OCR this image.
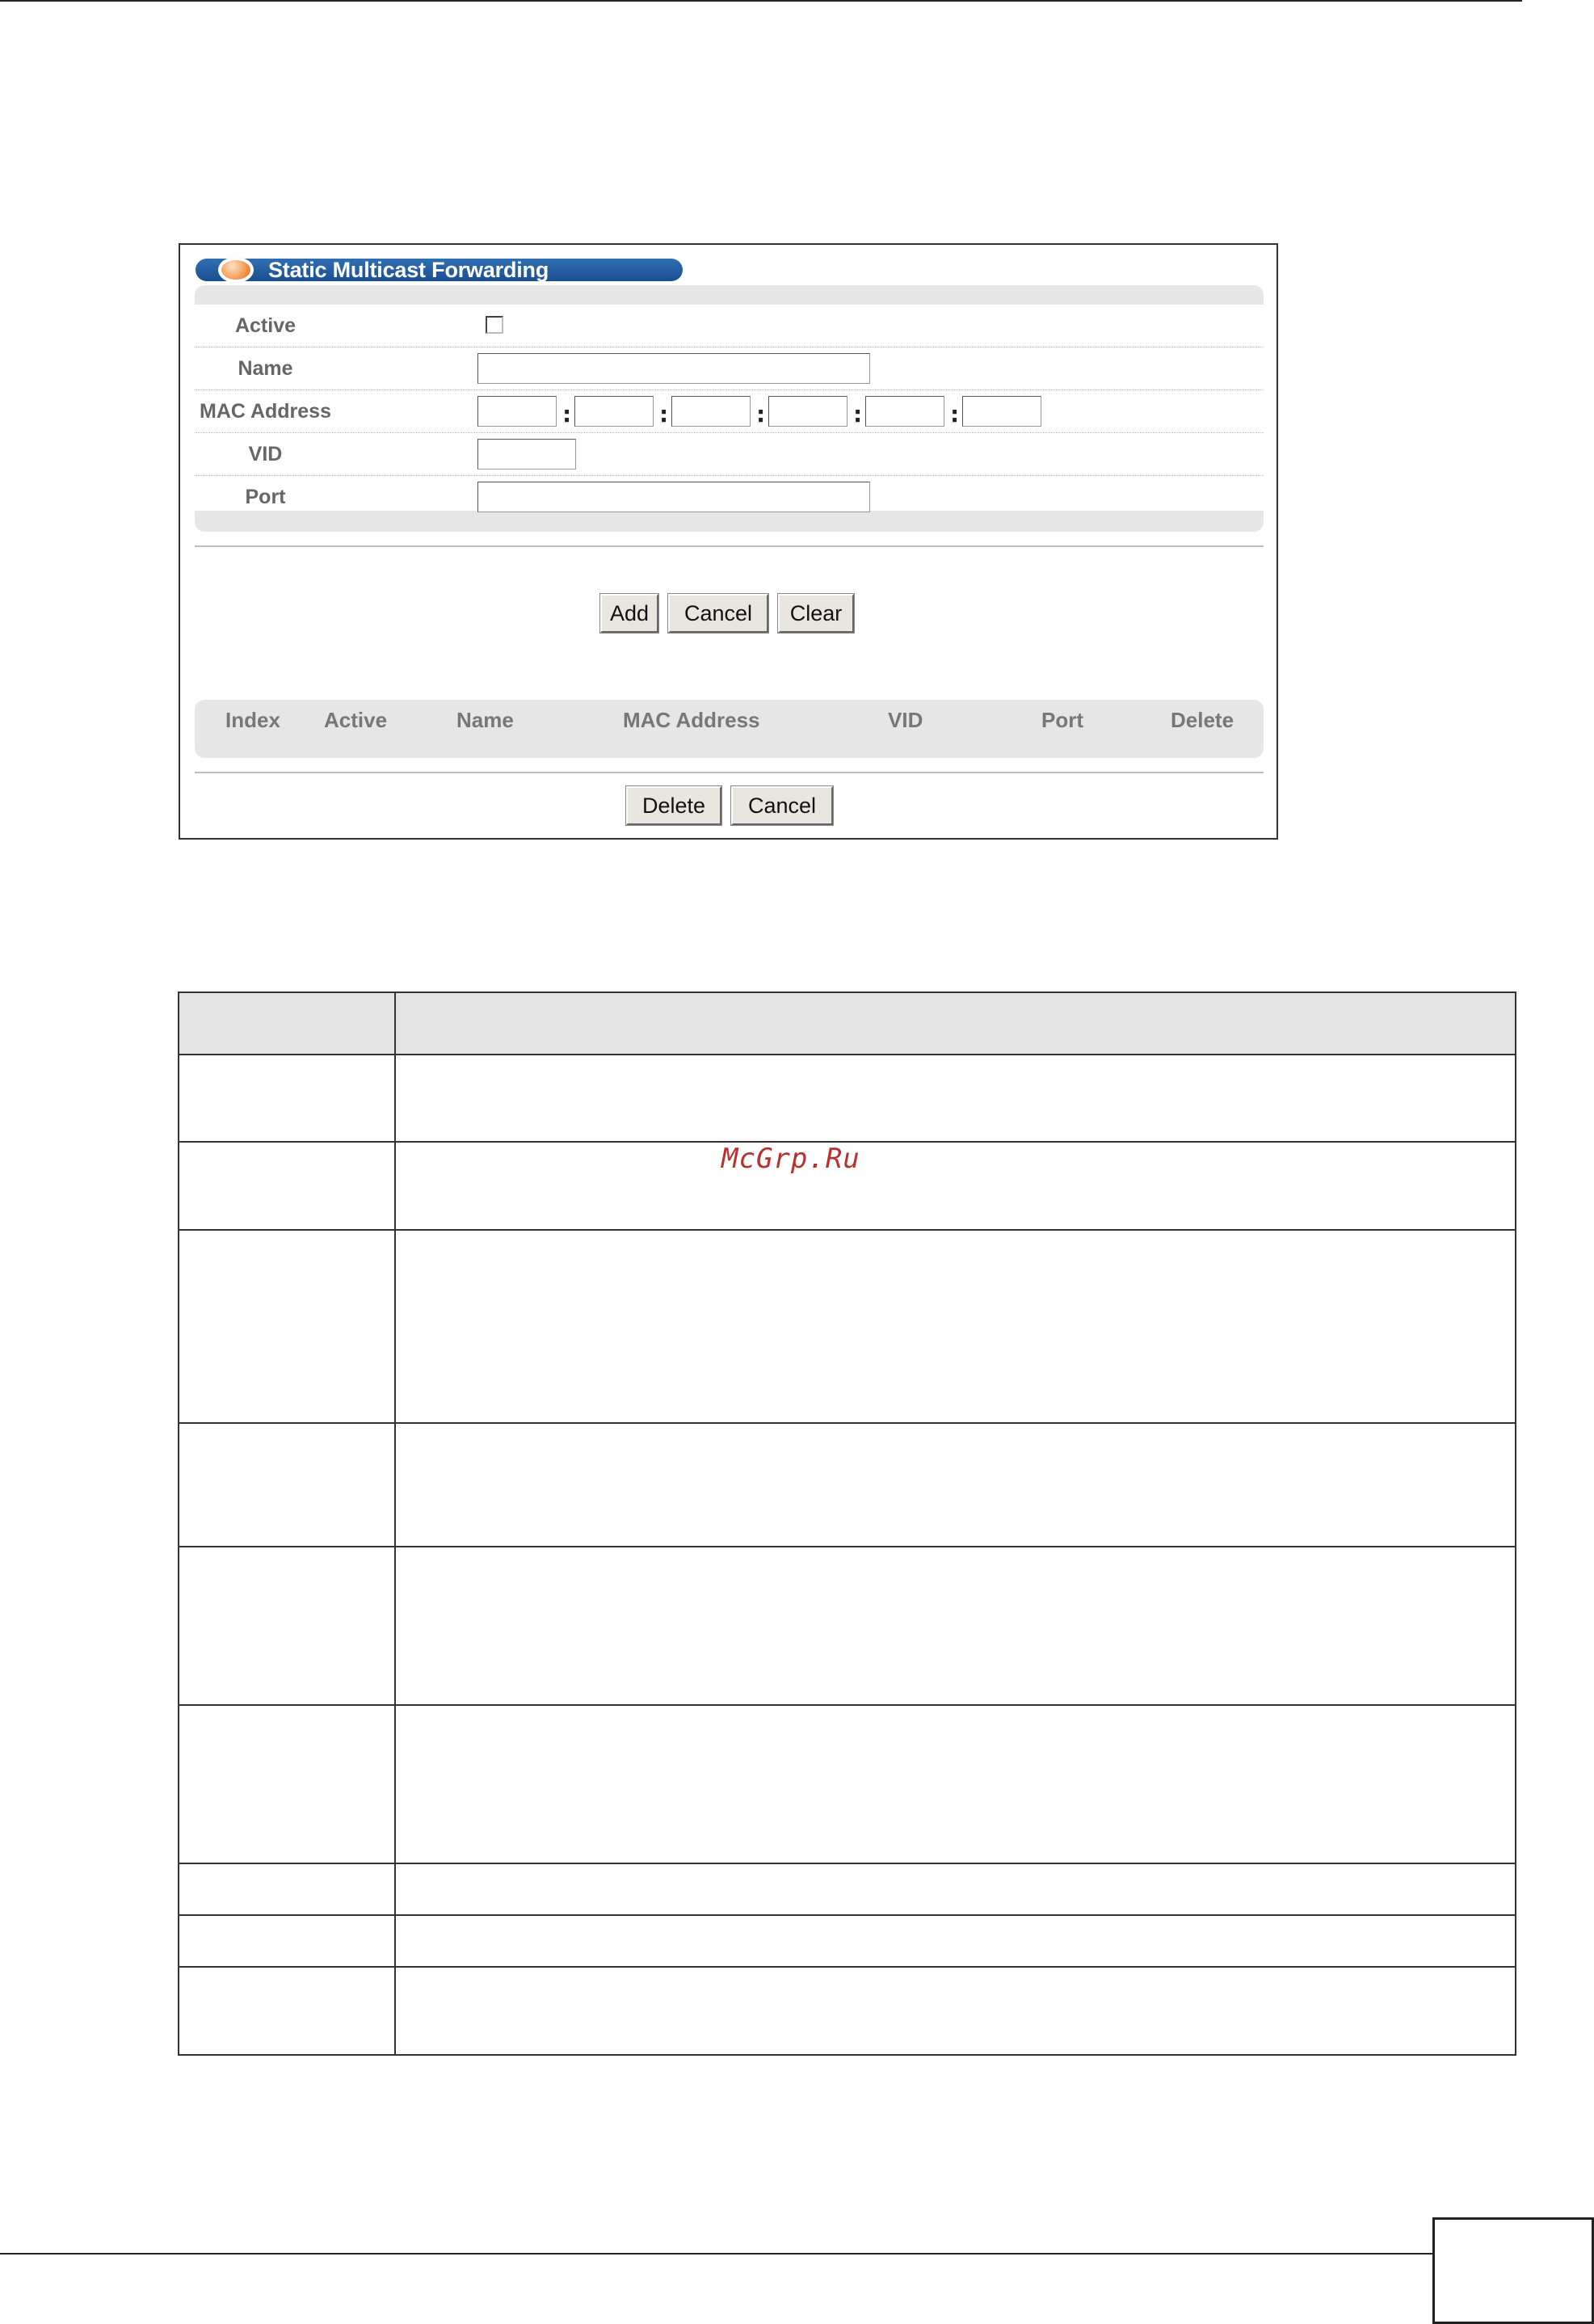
Static Multicast Forwarding
Active
Name
MAC Address	:	:	:	:	:
VID
Port
Add	Cancel	Clear
Index Active	Name	MAC Address	VID	Port	Delete
Delete	Cancel
McGrp.Ru
